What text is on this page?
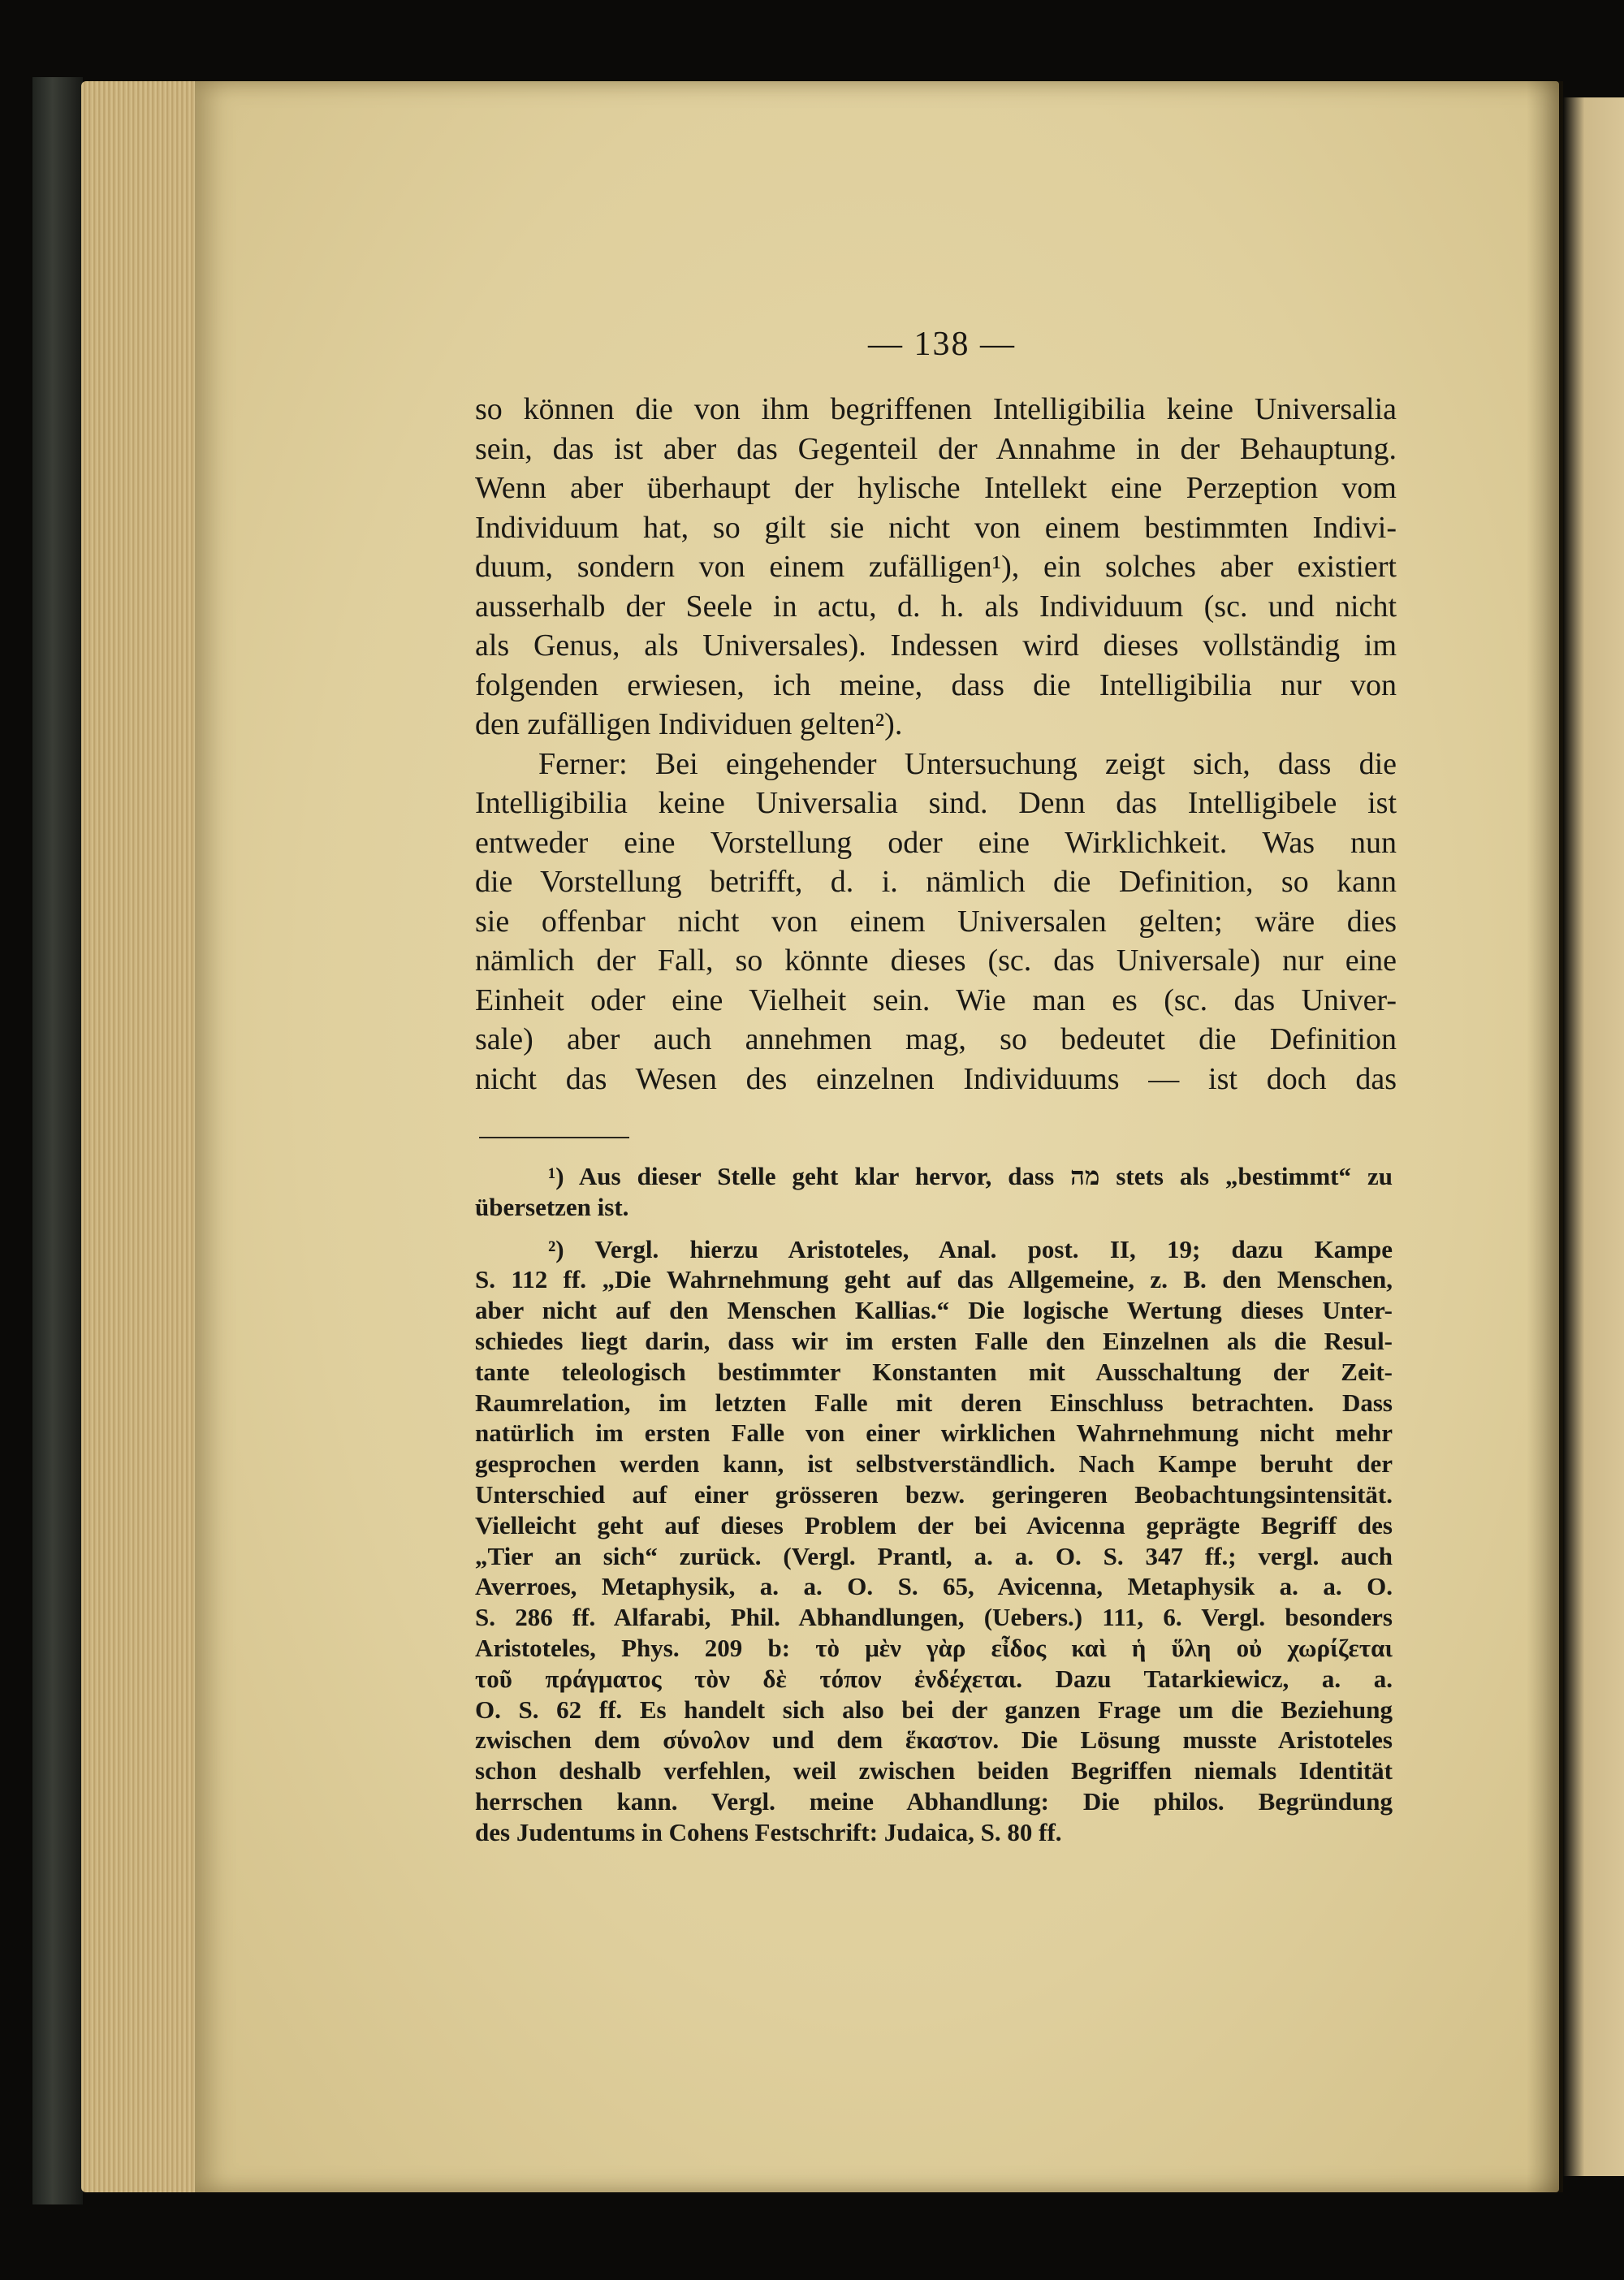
— 138 —
so können die von ihm begriffenen Intelligibilia keine Universalia
sein, das ist aber das Gegenteil der Annahme in der Behauptung.
Wenn aber überhaupt der hylische Intellekt eine Perzeption vom
Individuum hat, so gilt sie nicht von einem bestimmten Indivi-
duum, sondern von einem zufälligen¹), ein solches aber existiert
ausserhalb der Seele in actu, d. h. als Individuum (sc. und nicht
als Genus, als Universales). Indessen wird dieses vollständig im
folgenden erwiesen, ich meine, dass die Intelligibilia nur von
den zufälligen Individuen gelten²).
Ferner: Bei eingehender Untersuchung zeigt sich, dass die
Intelligibilia keine Universalia sind. Denn das Intelligibele ist
entweder eine Vorstellung oder eine Wirklichkeit. Was nun
die Vorstellung betrifft, d. i. nämlich die Definition, so kann
sie offenbar nicht von einem Universalen gelten; wäre dies
nämlich der Fall, so könnte dieses (sc. das Universale) nur eine
Einheit oder eine Vielheit sein. Wie man es (sc. das Univer-
sale) aber auch annehmen mag, so bedeutet die Definition
nicht das Wesen des einzelnen Individuums — ist doch das
¹) Aus dieser Stelle geht klar hervor, dass מה stets als „bestimmt“ zu
übersetzen ist.
²) Vergl. hierzu Aristoteles, Anal. post. II, 19; dazu Kampe
S. 112 ff. „Die Wahrnehmung geht auf das Allgemeine, z. B. den Menschen,
aber nicht auf den Menschen Kallias.“ Die logische Wertung dieses Unter-
schiedes liegt darin, dass wir im ersten Falle den Einzelnen als die Resul-
tante teleologisch bestimmter Konstanten mit Ausschaltung der Zeit-
Raumrelation, im letzten Falle mit deren Einschluss betrachten. Dass
natürlich im ersten Falle von einer wirklichen Wahrnehmung nicht mehr
gesprochen werden kann, ist selbstverständlich. Nach Kampe beruht der
Unterschied auf einer grösseren bezw. geringeren Beobachtungsintensität.
Vielleicht geht auf dieses Problem der bei Avicenna geprägte Begriff des
„Tier an sich“ zurück. (Vergl. Prantl, a. a. O. S. 347 ff.; vergl. auch
Averroes, Metaphysik, a. a. O. S. 65, Avicenna, Metaphysik a. a. O.
S. 286 ff. Alfarabi, Phil. Abhandlungen, (Uebers.) 111, 6. Vergl. besonders
Aristoteles, Phys. 209 b: τὸ μὲν γὰρ εἶδος καὶ ἡ ὕλη οὐ χωρίζεται
τοῦ πράγματος τὸν δὲ τόπον ἐνδέχεται. Dazu Tatarkiewicz, a. a.
O. S. 62 ff. Es handelt sich also bei der ganzen Frage um die Beziehung
zwischen dem σύνολον und dem ἕκαστον. Die Lösung musste Aristoteles
schon deshalb verfehlen, weil zwischen beiden Begriffen niemals Identität
herrschen kann. Vergl. meine Abhandlung: Die philos. Begründung
des Judentums in Cohens Festschrift: Judaica, S. 80 ff.
